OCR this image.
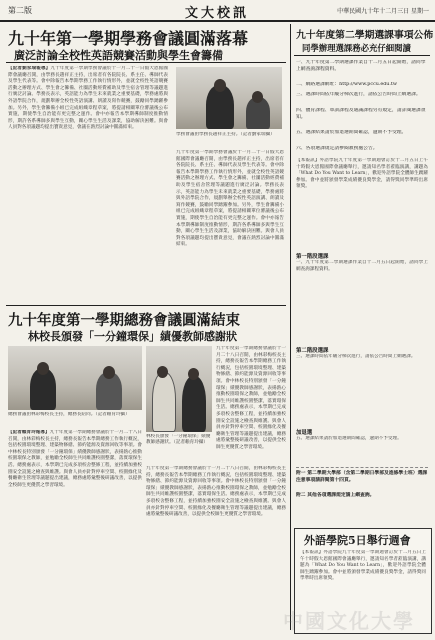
第二版	文大校訊	中華民國九十年十二月三日 星期一
九十年第一學期學務會議圓滿落幕
廣泛討論全校性英語競賽活動與學生會籌備
【記者劉家瑞報導】九十年度第一學期學務會議於十一月二十一日假大恩館國際會議廳召開，由學務長趙祥正主持，出席者有各院院長、系主任、導師代表及學生代表等。會中除報告本學期學務工作執行情形外，並就全校性英語競賽活動之辦理方式、學生會之籌備、社團活動經費補助及學生宿舍管理等議題進行廣泛討論。學務長表示，英語能力為學生未來就業之重要基礎，學務處將與外語學院合作，規劃舉辦全校性英語演講、朗讀及寫作競賽，鼓勵同學踴躍參加。另外，學生會籌備小組已完成組織章程草案，將提請相關單位審議後公布實施，期使學生自治能有更完整之運作。會中亦報告本學期導師制度推動情形，期許各系導師多與學生互動，關心學生生活及課業，協助解決困難。與會人員對各項議題均提出寶貴意見，會議在熱烈討論中圓滿結束。
學務會議由學務長趙祥正主持。（記者劉家瑞攝）
九十年度第一學期學務會議於十一月二十一日假大恩館國際會議廳召開，由學務長趙祥正主持，出席者有各院院長、系主任、導師代表及學生代表等。會中除報告本學期學務工作執行情形外，並就全校性英語競賽活動之辦理方式、學生會之籌備、社團活動經費補助及學生宿舍管理等議題進行廣泛討論。學務長表示，英語能力為學生未來就業之重要基礎，學務處將與外語學院合作，規劃舉辦全校性英語演講、朗讀及寫作競賽，鼓勵同學踴躍參加。另外，學生會籌備小組已完成組織章程草案，將提請相關單位審議後公布實施，期使學生自治能有更完整之運作。會中亦報告本學期導師制度推動情形，期許各系導師多與學生互動，關心學生生活及課業，協助解決困難。與會人員對各項議題均提出寶貴意見，會議在熱烈討論中圓滿結束。
九十年度第一學期總務會議圓滿結束
林校長頒發「一分鐘環保」績優教師感謝狀
總務會議由林彩梅校長主持，總務長陪同。（記者賴育玲攝）
林校長頒發「一分鐘環保」績優教師感謝狀。（記者賴育玲攝）
九十年度第一學期總務會議於十一月二十八日召開，由林彩梅校長主持，總務長報告本學期總務工作執行概況，包括校園環境整理、建築物修繕、節約能源及資源回收等事項。會中林校長特別頒發「一分鐘環保」績優教師感謝狀，表揚熱心推動校園環保之教師，並勉勵全校師生共同維護校園整潔，落實環保生活。總務處表示，本學期已完成多項校舍整修工程，並持續加強校園安全設施之檢查與維護。與會人員亦針對停車空間、校園綠化及餐廳衛生管理等議題提出建議，總務處將彙整後研議改善，以提供全校師生更優質之學習環境。
【記者賴育玲報導】九十年度第一學期總務會議於十一月二十八日召開，由林彩梅校長主持，總務長報告本學期總務工作執行概況，包括校園環境整理、建築物修繕、節約能源及資源回收等事項。會中林校長特別頒發「一分鐘環保」績優教師感謝狀，表揚熱心推動校園環保之教師，並勉勵全校師生共同維護校園整潔，落實環保生活。總務處表示，本學期已完成多項校舍整修工程，並持續加強校園安全設施之檢查與維護。與會人員亦針對停車空間、校園綠化及餐廳衛生管理等議題提出建議，總務處將彙整後研議改善，以提供全校師生更優質之學習環境。
九十年度第一學期總務會議於十一月二十八日召開，由林彩梅校長主持，總務長報告本學期總務工作執行概況，包括校園環境整理、建築物修繕、節約能源及資源回收等事項。會中林校長特別頒發「一分鐘環保」績優教師感謝狀，表揚熱心推動校園環保之教師，並勉勵全校師生共同維護校園整潔，落實環保生活。總務處表示，本學期已完成多項校舍整修工程，並持續加強校園安全設施之檢查與維護。與會人員亦針對停車空間、校園綠化及餐廳衛生管理等議題提出建議，總務處將彙整後研議改善，以提供全校師生更優質之學習環境。
九十年度第二學期選課事項公佈
同學辦理選課務必充仔細閱讀
一、九十年度第二學期選課作業自十二月五日起開始，請同學上網查詢課程資料。
二、網路選課網址：http://www.pccu.edu.tw
三、選課時間依年級分梯次進行，請依公告時間上網選課。
四、體育課程、軍訓課程及通識課程另有規定，請詳閱選課須知。
五、選課結果請於加退選期間確認，逾期不予受理。
六、各項選課規定請參閱教務處公告。
【本報訊】外語學院九十年度第一學期週會訂於十二月五日上午十時假大恩館國際會議廳舉行，邀請知名學者蒞臨演講，講題為「What Do You Want to Learn」，歡迎外語學院全體師生踴躍參加。會中並將頒發學業成績優良獎學金，請得獎同學準時出席領獎。
第一階段選課
一、九十年度第二學期選課作業自十二月五日起開始，請同學上網查詢課程資料。
第二階段選課
三、選課時間依年級分梯次進行，請依公告時間上網選課。
加退選
五、選課結果請於加退選期間確認，逾期不予受理。
附一 第二學期大學部（含第二學期日學部及進修學士班）選課注意事項請詳閱第十四頁。
附二 其他各項選課規定請上網查詢。
外語學院5日舉行週會
【本報訊】外語學院九十年度第一學期週會訂於十二月五日上午十時假大恩館國際會議廳舉行，邀請知名學者蒞臨演講，講題為「What Do You Want to Learn」，歡迎外語學院全體師生踴躍參加。會中並將頒發學業成績優良獎學金，請得獎同學準時出席領獎。
中國文化大學
